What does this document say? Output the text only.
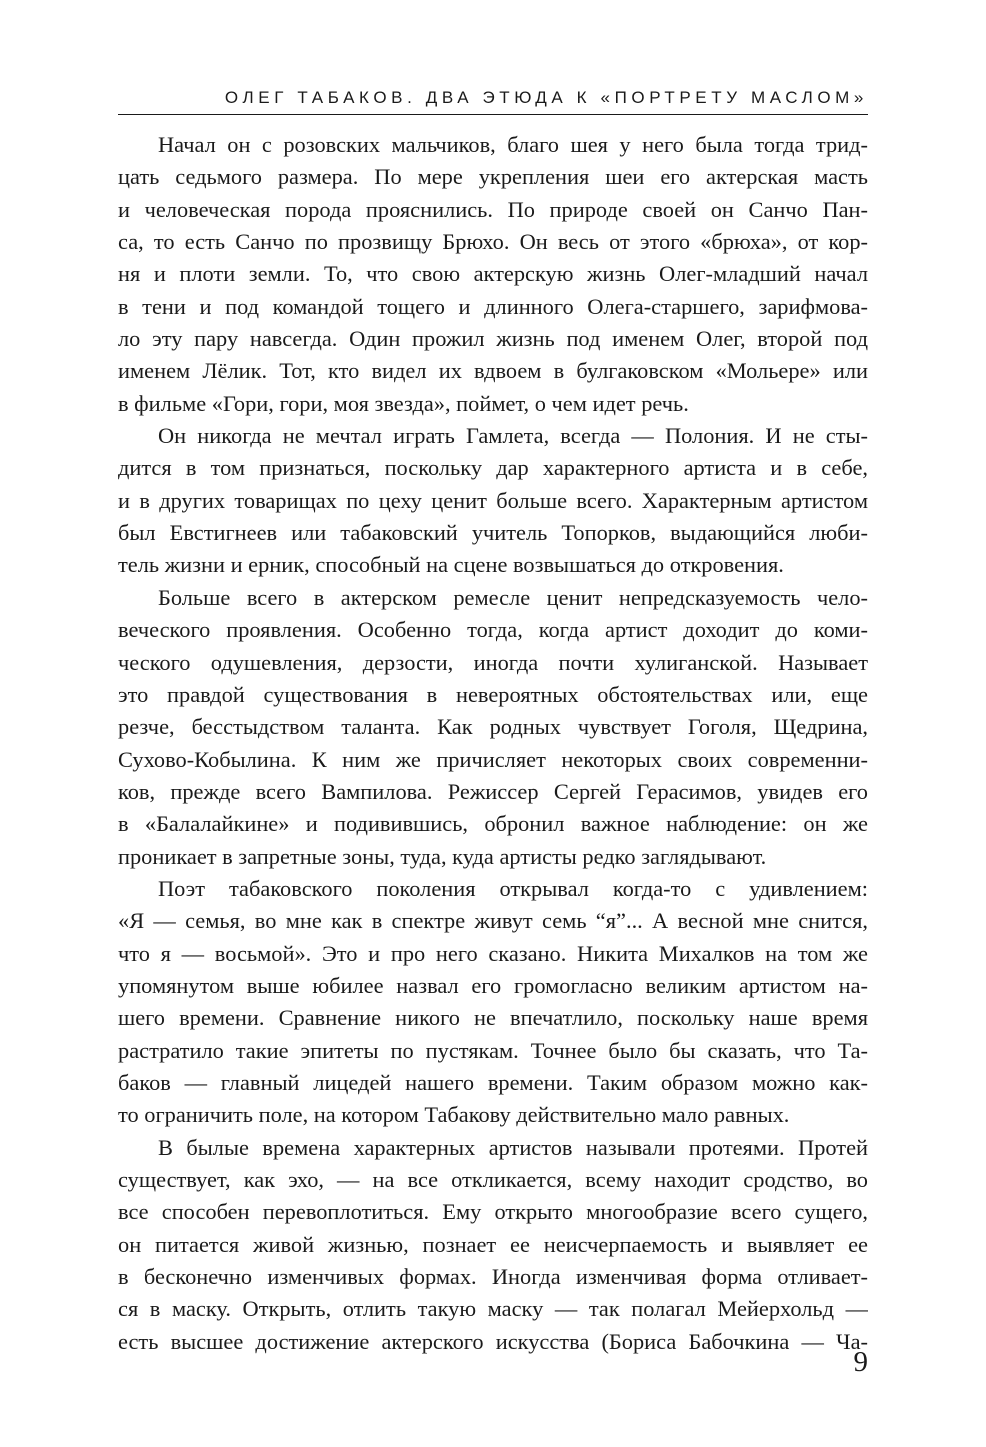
ОЛЕГ ТАБАКОВ. ДВА ЭТЮДА К «ПОРТРЕТУ МАСЛОМ»
Начал он с розовских мальчиков, благо шея у него была тогда трид-
цать седьмого размера. По мере укрепления шеи его актерская масть
и человеческая порода прояснились. По природе своей он Санчо Пан-
са, то есть Санчо по прозвищу Брюхо. Он весь от этого «брюха», от кор-
ня и плоти земли. То, что свою актерскую жизнь Олег-младший начал
в тени и под командой тощего и длинного Олега-старшего, зарифмова-
ло эту пару навсегда. Один прожил жизнь под именем Олег, второй под
именем Лёлик. Тот, кто видел их вдвоем в булгаковском «Мольере» или
в фильме «Гори, гори, моя звезда», поймет, о чем идет речь.
Он никогда не мечтал играть Гамлета, всегда — Полония. И не сты-
дится в том признаться, поскольку дар характерного артиста и в себе,
и в других товарищах по цеху ценит больше всего. Характерным артистом
был Евстигнеев или табаковский учитель Топорков, выдающийся люби-
тель жизни и ерник, способный на сцене возвышаться до откровения.
Больше всего в актерском ремесле ценит непредсказуемость чело-
веческого проявления. Особенно тогда, когда артист доходит до коми-
ческого одушевления, дерзости, иногда почти хулиганской. Называет
это правдой существования в невероятных обстоятельствах или, еще
резче, бесстыдством таланта. Как родных чувствует Гоголя, Щедрина,
Сухово-Кобылина. К ним же причисляет некоторых своих современни-
ков, прежде всего Вампилова. Режиссер Сергей Герасимов, увидев его
в «Балалайкине» и подивившись, обронил важное наблюдение: он же
проникает в запретные зоны, туда, куда артисты редко заглядывают.
Поэт табаковского поколения открывал когда-то с удивлением:
«Я — семья, во мне как в спектре живут семь “я”... А весной мне снится,
что я — восьмой». Это и про него сказано. Никита Михалков на том же
упомянутом выше юбилее назвал его громогласно великим артистом на-
шего времени. Сравнение никого не впечатлило, поскольку наше время
растратило такие эпитеты по пустякам. Точнее было бы сказать, что Та-
баков — главный лицедей нашего времени. Таким образом можно как-
то ограничить поле, на котором Табакову действительно мало равных.
В былые времена характерных артистов называли протеями. Протей
существует, как эхо, — на все откликается, всему находит сродство, во
все способен перевоплотиться. Ему открыто многообразие всего сущего,
он питается живой жизнью, познает ее неисчерпаемость и выявляет ее
в бесконечно изменчивых формах. Иногда изменчивая форма отливает-
ся в маску. Открыть, отлить такую маску — так полагал Мейерхольд —
есть высшее достижение актерского искусства (Бориса Бабочкина — Ча-
9
